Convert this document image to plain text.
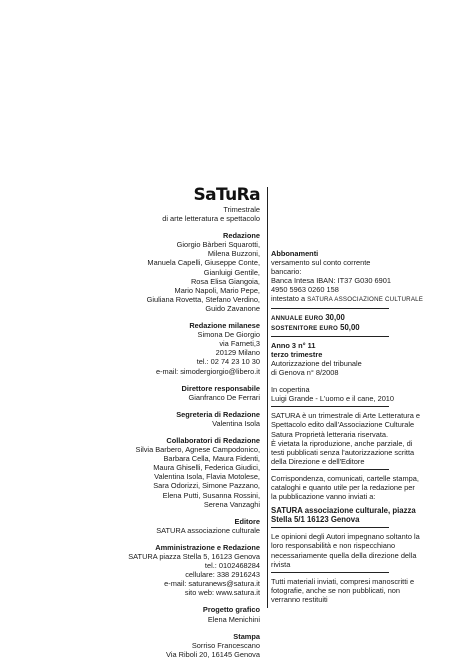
SaTuRa
Trimestrale
di arte letteratura e spettacolo
Redazione
Giorgio Bàrberi Squarotti,
Milena Buzzoni,
Manuela Capelli, Giuseppe Conte,
Gianluigi Gentile,
Rosa Elisa Giangoia,
Mario Napoli, Mario Pepe,
Giuliana Rovetta, Stefano Verdino,
Guido Zavanone
Redazione milanese
Simona De Giorgio
via Farneti,3
20129 Milano
tel.: 02 74 23 10 30
e-mail: simodergiorgio@libero.it
Direttore responsabile
Gianfranco De Ferrari
Segreteria di Redazione
Valentina Isola
Collaboratori di Redazione
Silvia Barbero, Agnese Campodonico,
Barbara Cella, Maura Fidenti,
Maura Ghiselli, Federica Giudici,
Valentina Isola, Flavia Motolese,
Sara Odorizzi, Simone Pazzano,
Elena Putti, Susanna Rossini,
Serena Vanzaghi
Editore
SATURA associazione culturale
Amministrazione e Redazione
SATURA piazza Stella 5, 16123 Genova
tel.: 0102468284
cellulare: 338 2916243
e-mail: saturanews@satura.it
sito web: www.satura.it
Progetto grafico
Elena Menichini
Stampa
Sorriso Francescano
Via Riboli 20, 16145 Genova
Abbonamenti
versamento sul conto corrente
bancario:
Banca Intesa IBAN: IT37 G030 6901
4950 5963 0260 158
intestato a SATURA ASSOCIAZIONE CULTURALE
ANNUALE EURO 30,00
SOSTENITORE EURO 50,00
Anno 3 n° 11
terzo trimestre
Autorizzazione del tribunale
di Genova n° 8/2008
In copertina
Luigi Grande - L'uomo e il cane, 2010
SATURA è un trimestrale di Arte Letteratura e Spettacolo edito dall'Associazione Culturale Satura Proprietà letteraria riservata.
È vietata la riproduzione, anche parziale, di testi pubblicati senza l'autorizzazione scritta della Direzione e dell'Editore
Corrispondenza, comunicati, cartelle stampa, cataloghi e quanto utile per la redazione per la pubblicazione vanno inviati a:
SATURA associazione culturale, piazza Stella 5/1 16123 Genova
Le opinioni degli Autori impegnano soltanto la loro responsabilità e non rispecchiano necessariamente quella della direzione della rivista
Tutti materiali inviati, compresi manoscritti e fotografie, anche se non pubblicati, non verranno restituiti
